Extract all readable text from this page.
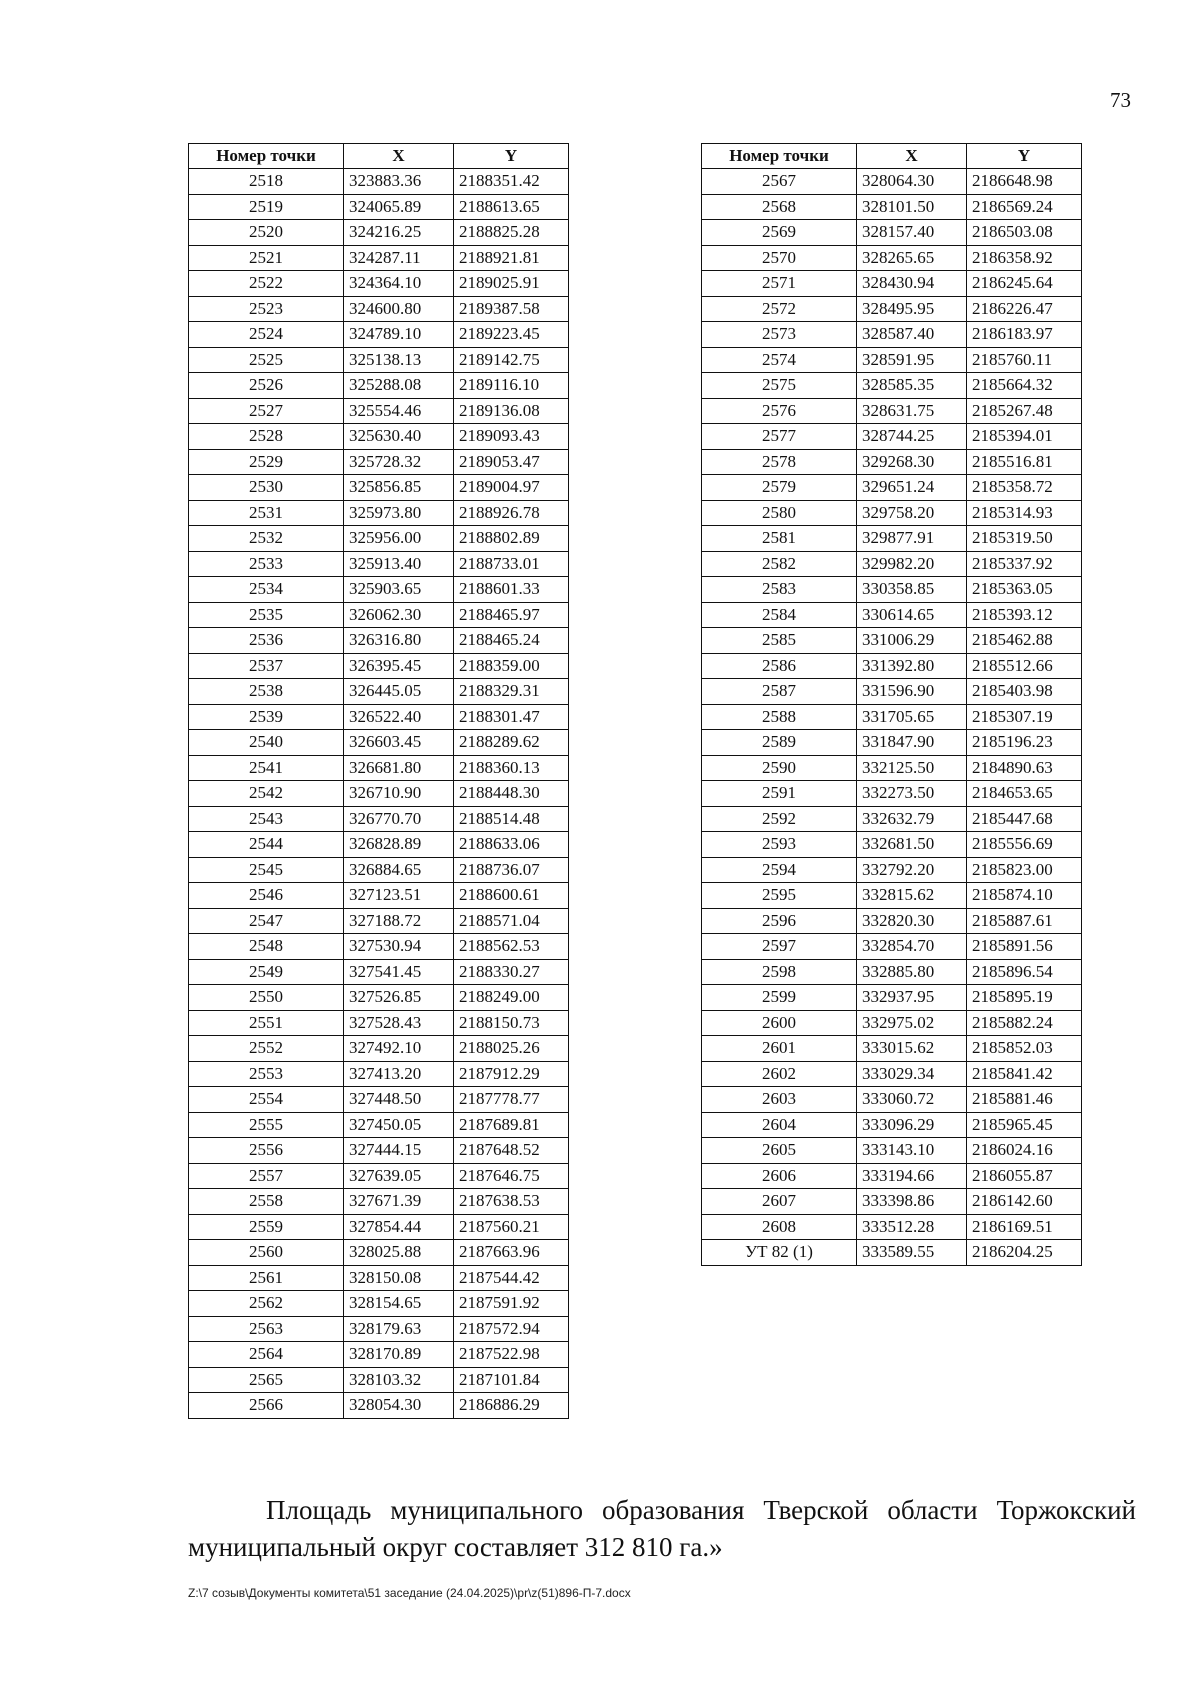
73
Номер точки	X	Y
2518	323883.36	2188351.42
2519	324065.89	2188613.65
2520	324216.25	2188825.28
2521	324287.11	2188921.81
2522	324364.10	2189025.91
2523	324600.80	2189387.58
2524	324789.10	2189223.45
2525	325138.13	2189142.75
2526	325288.08	2189116.10
2527	325554.46	2189136.08
2528	325630.40	2189093.43
2529	325728.32	2189053.47
2530	325856.85	2189004.97
2531	325973.80	2188926.78
2532	325956.00	2188802.89
2533	325913.40	2188733.01
2534	325903.65	2188601.33
2535	326062.30	2188465.97
2536	326316.80	2188465.24
2537	326395.45	2188359.00
2538	326445.05	2188329.31
2539	326522.40	2188301.47
2540	326603.45	2188289.62
2541	326681.80	2188360.13
2542	326710.90	2188448.30
2543	326770.70	2188514.48
2544	326828.89	2188633.06
2545	326884.65	2188736.07
2546	327123.51	2188600.61
2547	327188.72	2188571.04
2548	327530.94	2188562.53
2549	327541.45	2188330.27
2550	327526.85	2188249.00
2551	327528.43	2188150.73
2552	327492.10	2188025.26
2553	327413.20	2187912.29
2554	327448.50	2187778.77
2555	327450.05	2187689.81
2556	327444.15	2187648.52
2557	327639.05	2187646.75
2558	327671.39	2187638.53
2559	327854.44	2187560.21
2560	328025.88	2187663.96
2561	328150.08	2187544.42
2562	328154.65	2187591.92
2563	328179.63	2187572.94
2564	328170.89	2187522.98
2565	328103.32	2187101.84
2566	328054.30	2186886.29
Номер точки	X	Y
2567	328064.30	2186648.98
2568	328101.50	2186569.24
2569	328157.40	2186503.08
2570	328265.65	2186358.92
2571	328430.94	2186245.64
2572	328495.95	2186226.47
2573	328587.40	2186183.97
2574	328591.95	2185760.11
2575	328585.35	2185664.32
2576	328631.75	2185267.48
2577	328744.25	2185394.01
2578	329268.30	2185516.81
2579	329651.24	2185358.72
2580	329758.20	2185314.93
2581	329877.91	2185319.50
2582	329982.20	2185337.92
2583	330358.85	2185363.05
2584	330614.65	2185393.12
2585	331006.29	2185462.88
2586	331392.80	2185512.66
2587	331596.90	2185403.98
2588	331705.65	2185307.19
2589	331847.90	2185196.23
2590	332125.50	2184890.63
2591	332273.50	2184653.65
2592	332632.79	2185447.68
2593	332681.50	2185556.69
2594	332792.20	2185823.00
2595	332815.62	2185874.10
2596	332820.30	2185887.61
2597	332854.70	2185891.56
2598	332885.80	2185896.54
2599	332937.95	2185895.19
2600	332975.02	2185882.24
2601	333015.62	2185852.03
2602	333029.34	2185841.42
2603	333060.72	2185881.46
2604	333096.29	2185965.45
2605	333143.10	2186024.16
2606	333194.66	2186055.87
2607	333398.86	2186142.60
2608	333512.28	2186169.51
УТ 82 (1)	333589.55	2186204.25

Площадь муниципального образования Тверской области Торжокский муниципальный округ составляет 312 810 га.»

Z:\7 созыв\Документы комитета\51 заседание (24.04.2025)\pr\z(51)896-П-7.docx
